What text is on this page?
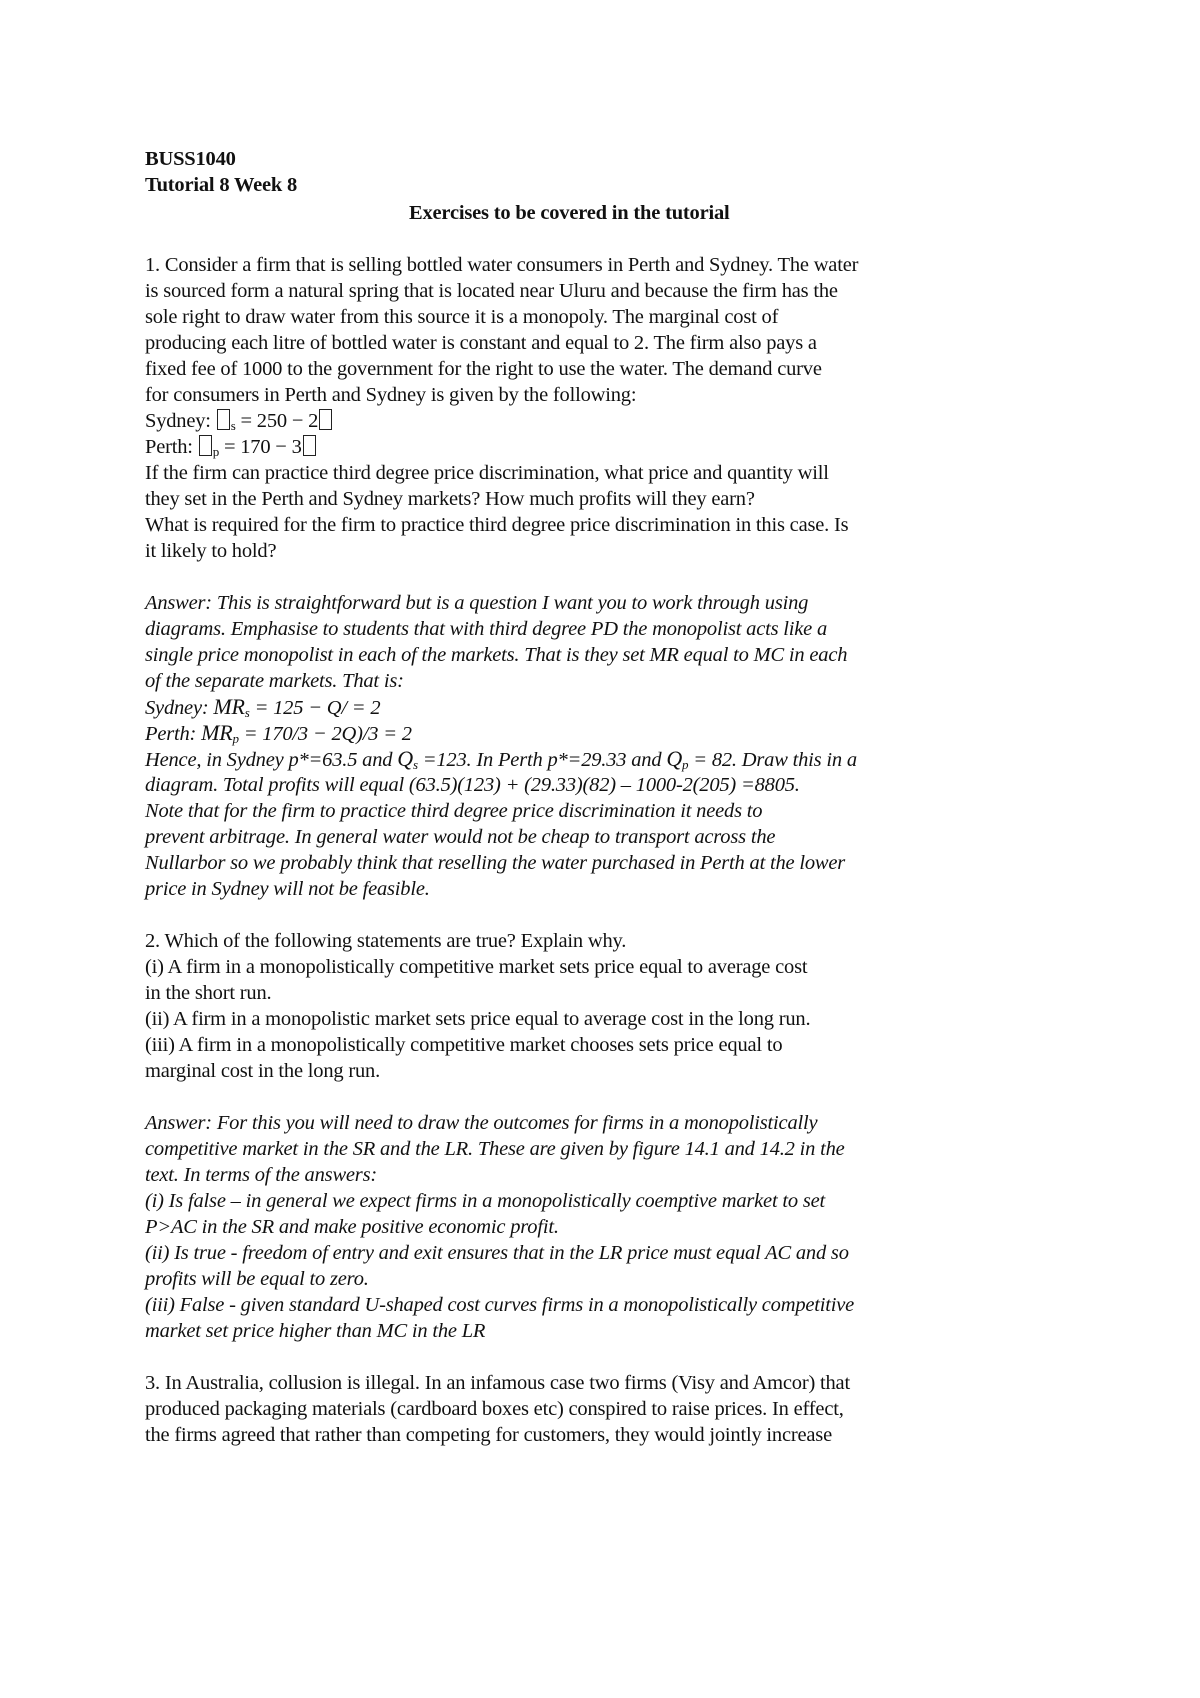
BUSS1040
Tutorial 8 Week 8
Exercises to be covered in the tutorial
1. Consider a firm that is selling bottled water consumers in Perth and Sydney. The water
is sourced form a natural spring that is located near Uluru and because the firm has the
sole right to draw water from this source it is a monopoly. The marginal cost of
producing each litre of bottled water is constant and equal to 2. The firm also pays a
fixed fee of 1000 to the government for the right to use the water. The demand curve
for consumers in Perth and Sydney is given by the following:
Sydney: $_s$ = 250 − 2
Perth: $_p$ = 170 − 3
If the firm can practice third degree price discrimination, what price and quantity will
they set in the Perth and Sydney markets? How much profits will they earn?
What is required for the firm to practice third degree price discrimination in this case. Is
it likely to hold?
Answer: This is straightforward but is a question I want you to work through using
diagrams. Emphasise to students that with third degree PD the monopolist acts like a
single price monopolist in each of the markets. That is they set MR equal to MC in each
of the separate markets. That is:
Sydney: $MR_s = 125 - Q/ = 2$
Perth: $MR_p = 170/3 - 2Q)/3 = 2$
Hence, in Sydney p*=63.5 and $Q_s =123$. In Perth p*=29.33 and $Q_p = 82$. Draw this in a
diagram. Total profits will equal (63.5)(123) + (29.33)(82) – 1000-2(205) =8805.
Note that for the firm to practice third degree price discrimination it needs to
prevent arbitrage. In general water would not be cheap to transport across the
Nullarbor so we probably think that reselling the water purchased in Perth at the lower
price in Sydney will not be feasible.
2. Which of the following statements are true? Explain why.
(i) A firm in a monopolistically competitive market sets price equal to average cost
in the short run.
(ii) A firm in a monopolistic market sets price equal to average cost in the long run.
(iii) A firm in a monopolistically competitive market chooses sets price equal to
marginal cost in the long run.
Answer: For this you will need to draw the outcomes for firms in a monopolistically
competitive market in the SR and the LR. These are given by figure 14.1 and 14.2 in the
text. In terms of the answers:
(i) Is false – in general we expect firms in a monopolistically coemptive market to set
P>AC in the SR and make positive economic profit.
(ii) Is true - freedom of entry and exit ensures that in the LR price must equal AC and so
profits will be equal to zero.
(iii) False - given standard U-shaped cost curves firms in a monopolistically competitive
market set price higher than MC in the LR
3. In Australia, collusion is illegal. In an infamous case two firms (Visy and Amcor) that
produced packaging materials (cardboard boxes etc) conspired to raise prices. In effect,
the firms agreed that rather than competing for customers, they would jointly increase
